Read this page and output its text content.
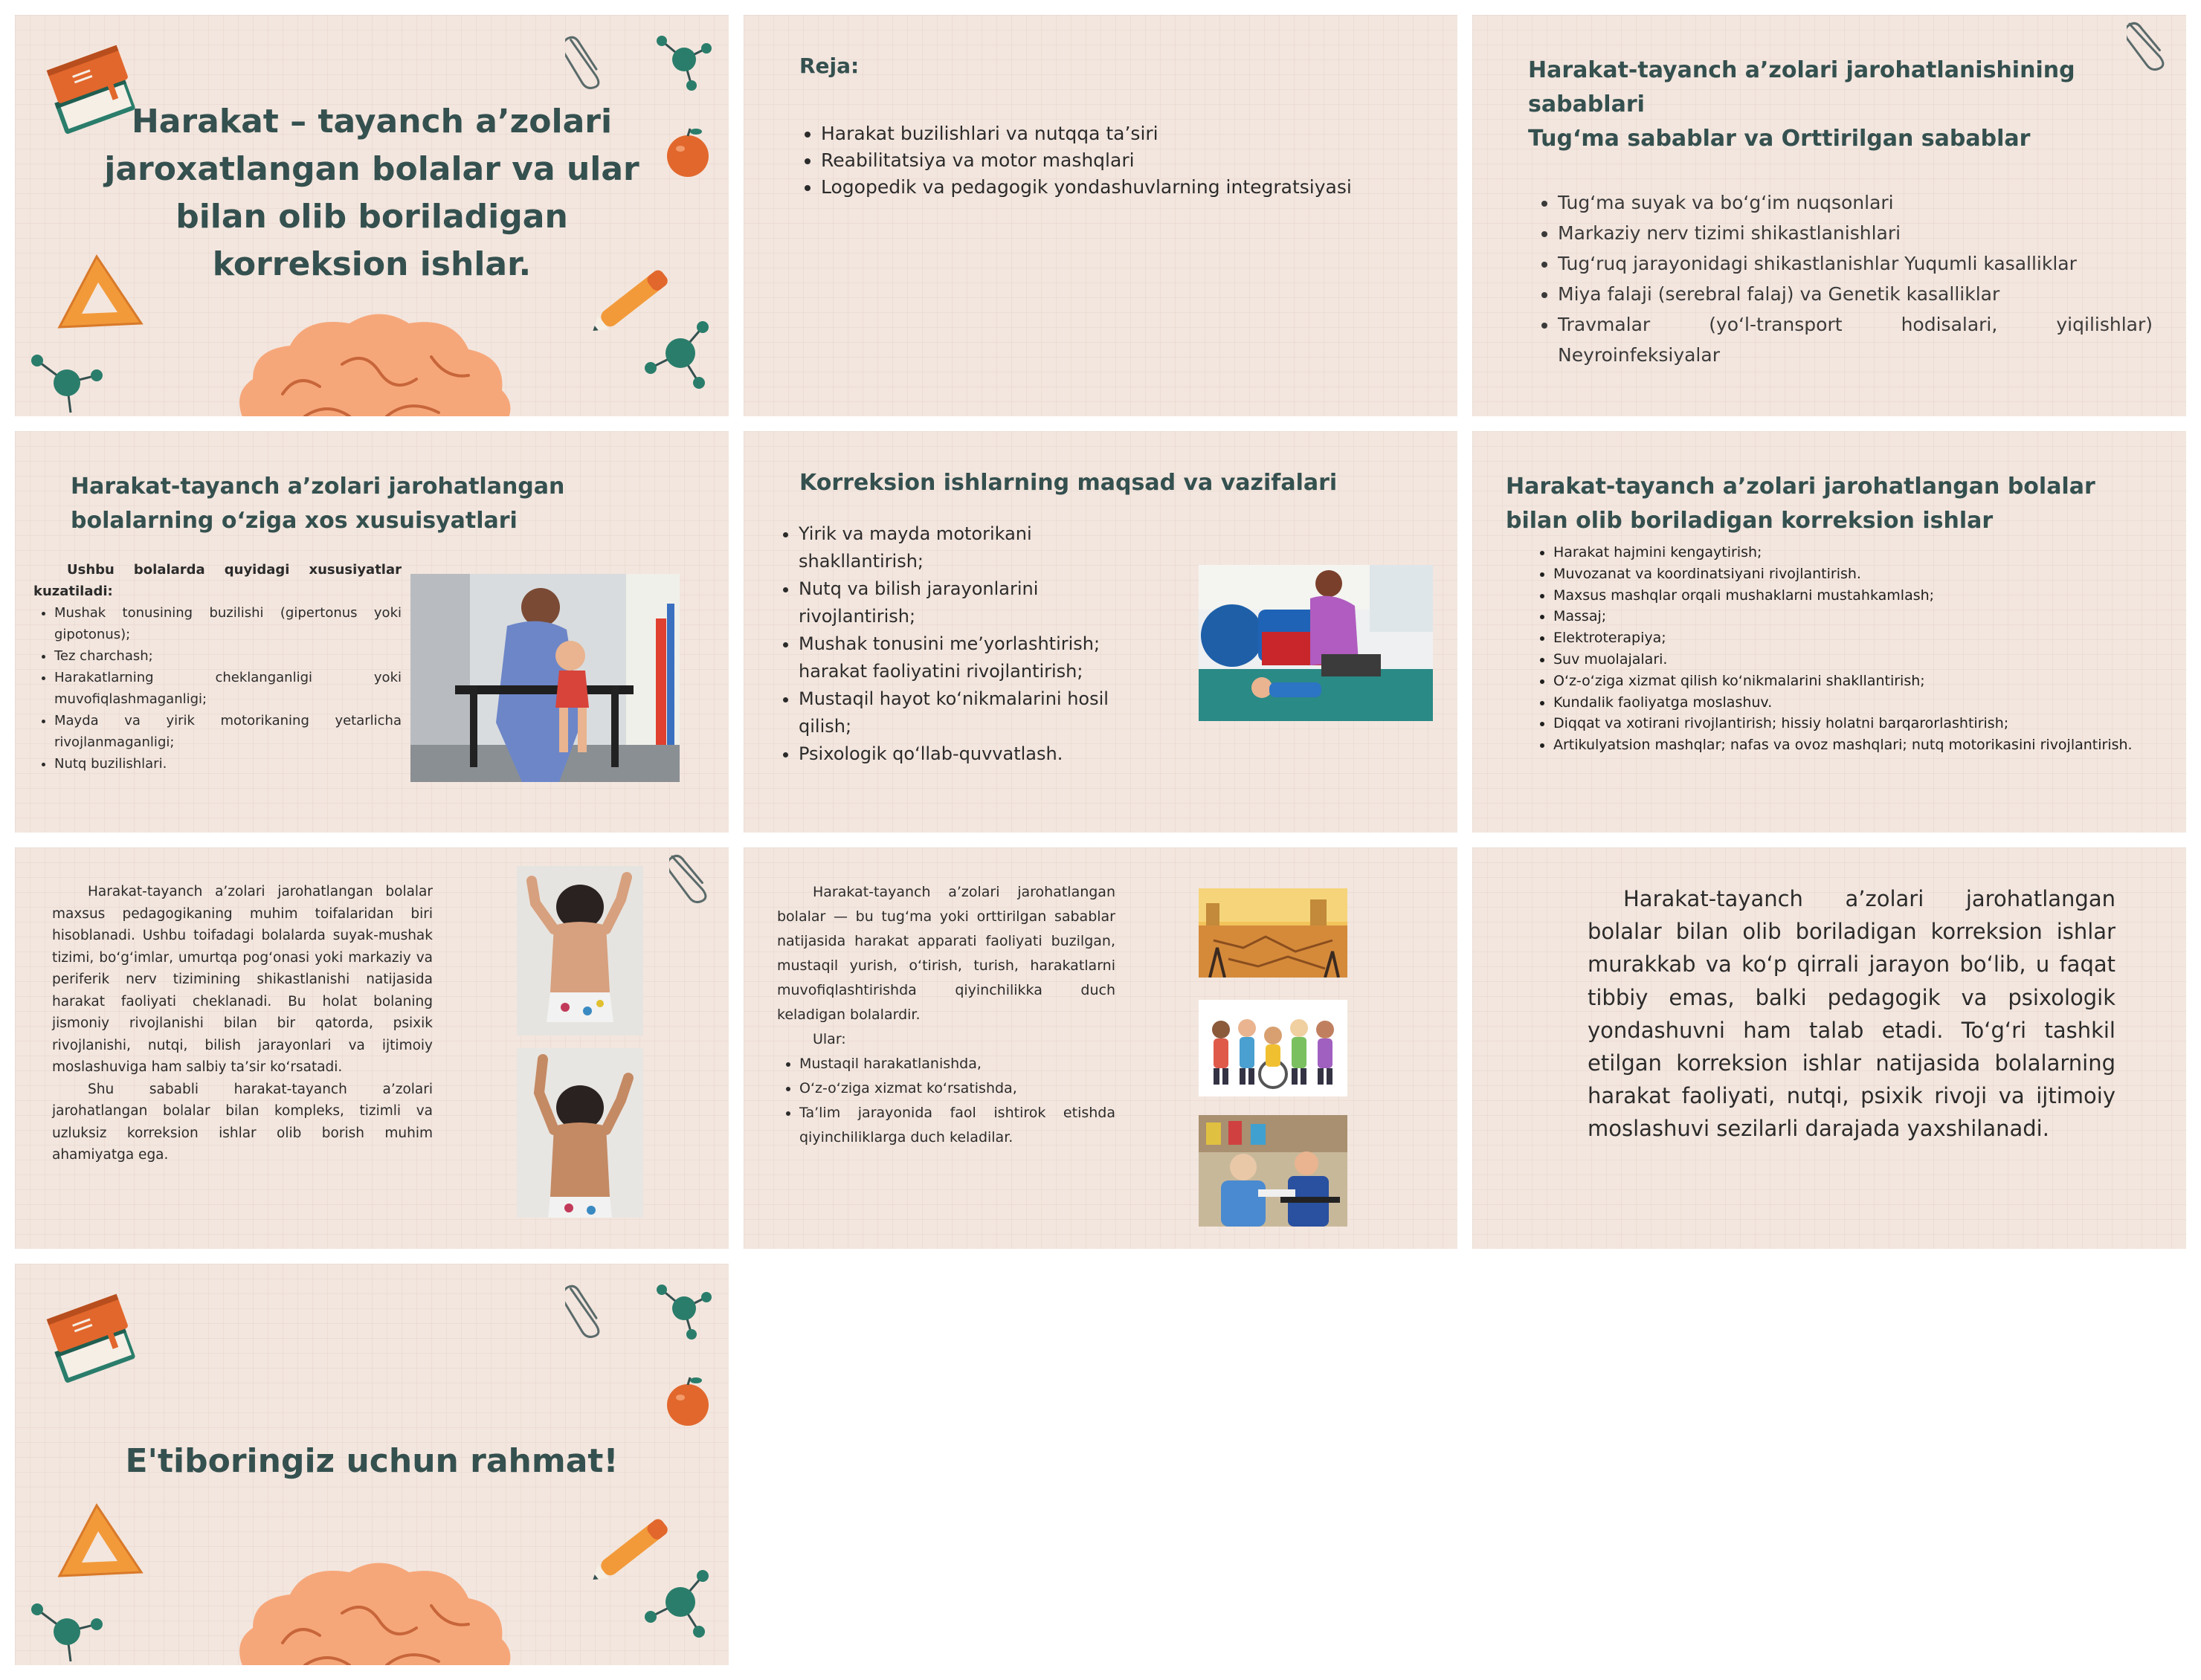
Harakat – tayanch a’zolari jaroxatlangan bolalar va ular bilan olib boriladigan korreksion ishlar.
Reja:
• Harakat buzilishlari va nutqqa ta’siri
• Reabilitatsiya va motor mashqlari
• Logopedik va pedagogik yondashuvlarning integratsiyasi
Harakat-tayanch a’zolari jarohatlanishining
sabablari
Tug‘ma sabablar va Orttirilgan sabablar
• Tug‘ma suyak va bo‘g‘im nuqsonlari
• Markaziy nerv tizimi shikastlanishlari
• Tug‘ruq jarayonidagi shikastlanishlar Yuqumli kasalliklar
• Miya falaji (serebral falaj) va Genetik kasalliklar
• Travmalar (yo‘l-transport hodisalari, yiqilishlar) Neyroinfeksiyalar
Harakat-tayanch a’zolari jarohatlangan bolalarning o‘ziga xos xusuisyatlari
Ushbu bolalarda quyidagi xususiyatlar kuzatiladi:
• Mushak tonusining buzilishi (gipertonus yoki gipotonus);
• Tez charchash;
• Harakatlarning cheklanganligi yoki muvofiqlashmaganligi;
• Mayda va yirik motorikaning yetarlicha rivojlanmaganligi;
• Nutq buzilishlari.
Korreksion ishlarning maqsad va vazifalari
• Yirik va mayda motorikani shakllantirish;
• Nutq va bilish jarayonlarini rivojlantirish;
• Mushak tonusini me’yorlashtirish; harakat faoliyatini rivojlantirish;
• Mustaqil hayot ko‘nikmalarini hosil qilish;
• Psixologik qo‘llab-quvvatlash.
Harakat-tayanch a’zolari jarohatlangan bolalar bilan olib boriladigan korreksion ishlar
• Harakat hajmini kengaytirish;
• Muvozanat va koordinatsiyani rivojlantirish.
• Maxsus mashqlar orqali mushaklarni mustahkamlash;
• Massaj;
• Elektroterapiya;
• Suv muolajalari.
• O‘z-o‘ziga xizmat qilish ko‘nikmalarini shakllantirish;
• Kundalik faoliyatga moslashuv.
• Diqqat va xotirani rivojlantirish; hissiy holatni barqarorlashtirish;
• Artikulyatsion mashqlar; nafas va ovoz mashqlari; nutq motorikasini rivojlantirish.
Harakat-tayanch a’zolari jarohatlangan bolalar maxsus pedagogikaning muhim toifalaridan biri hisoblanadi. Ushbu toifadagi bolalarda suyak-mushak tizimi, bo‘g‘imlar, umurtqa pog‘onasi yoki markaziy va periferik nerv tizimining shikastlanishi natijasida harakat faoliyati cheklanadi. Bu holat bolaning jismoniy rivojlanishi bilan bir qatorda, psixik rivojlanishi, nutqi, bilish jarayonlari va ijtimoiy moslashuviga ham salbiy ta’sir ko‘rsatadi.
Shu sababli harakat-tayanch a’zolari jarohatlangan bolalar bilan kompleks, tizimli va uzluksiz korreksion ishlar olib borish muhim ahamiyatga ega.
Harakat-tayanch a’zolari jarohatlangan bolalar — bu tug‘ma yoki orttirilgan sabablar natijasida harakat apparati faoliyati buzilgan, mustaqil yurish, o‘tirish, turish, harakatlarni muvofiqlashtirishda qiyinchilikka duch keladigan bolalardir.
Ular:
• Mustaqil harakatlanishda,
• O‘z-o‘ziga xizmat ko‘rsatishda,
• Ta’lim jarayonida faol ishtirok etishda qiyinchiliklarga duch keladilar.
Harakat-tayanch a’zolari jarohatlangan bolalar bilan olib boriladigan korreksion ishlar murakkab va ko‘p qirrali jarayon bo‘lib, u faqat tibbiy emas, balki pedagogik va psixologik yondashuvni ham talab etadi. To‘g‘ri tashkil etilgan korreksion ishlar natijasida bolalarning harakat faoliyati, nutqi, psixik rivoji va ijtimoiy moslashuvi sezilarli darajada yaxshilanadi.
E'tiboringiz uchun rahmat!
